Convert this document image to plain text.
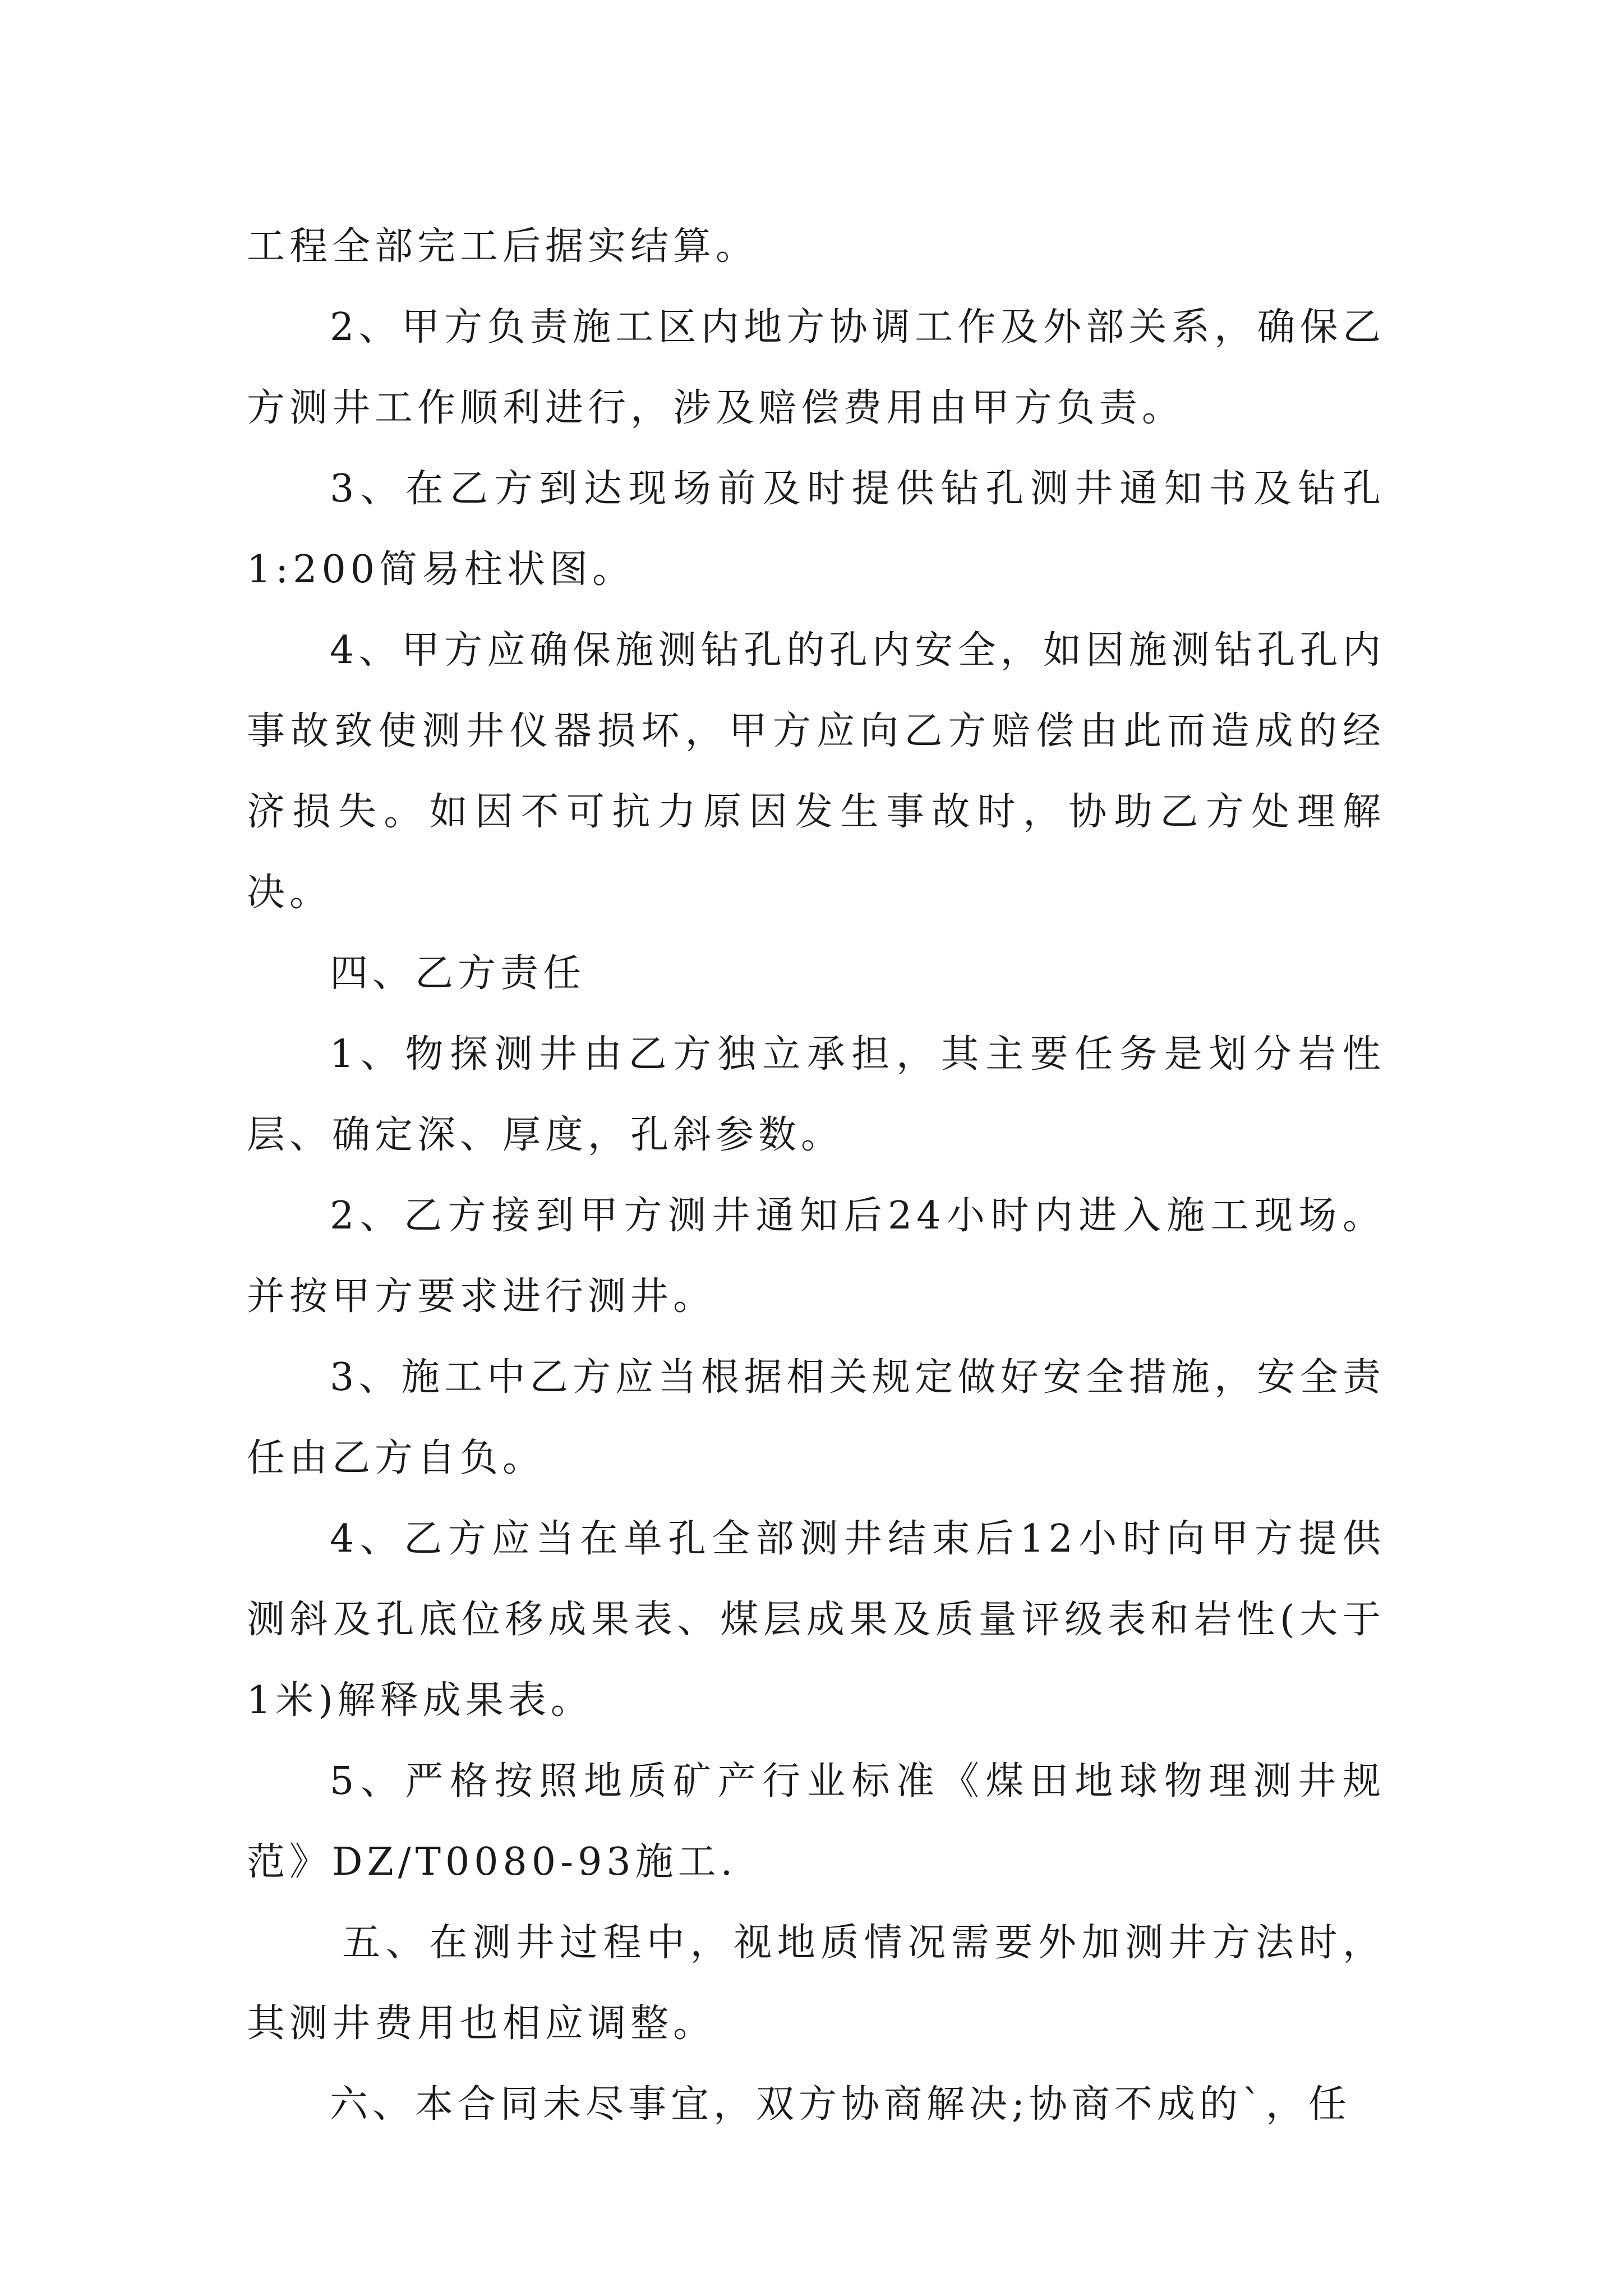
工程全部完工后据实结算。

2、甲方负责施工区内地方协调工作及外部关系，确保乙方测井工作顺利进行，涉及赔偿费用由甲方负责。

3、在乙方到达现场前及时提供钻孔测井通知书及钻孔1:200简易柱状图。

4、甲方应确保施测钻孔的孔内安全，如因施测钻孔孔内事故致使测井仪器损坏，甲方应向乙方赔偿由此而造成的经济损失。如因不可抗力原因发生事故时，协助乙方处理解决。

四、乙方责任

1、物探测井由乙方独立承担，其主要任务是划分岩性层、确定深、厚度，孔斜参数。

2、乙方接到甲方测井通知后24小时内进入施工现场。并按甲方要求进行测井。

3、施工中乙方应当根据相关规定做好安全措施，安全责任由乙方自负。

4、乙方应当在单孔全部测井结束后12小时向甲方提供测斜及孔底位移成果表、煤层成果及质量评级表和岩性(大于1米)解释成果表。

5、严格按照地质矿产行业标准《煤田地球物理测井规范》DZ/T0080-93施工.

五、在测井过程中，视地质情况需要外加测井方法时，其测井费用也相应调整。

六、本合同未尽事宜，双方协商解决;协商不成的`，任
